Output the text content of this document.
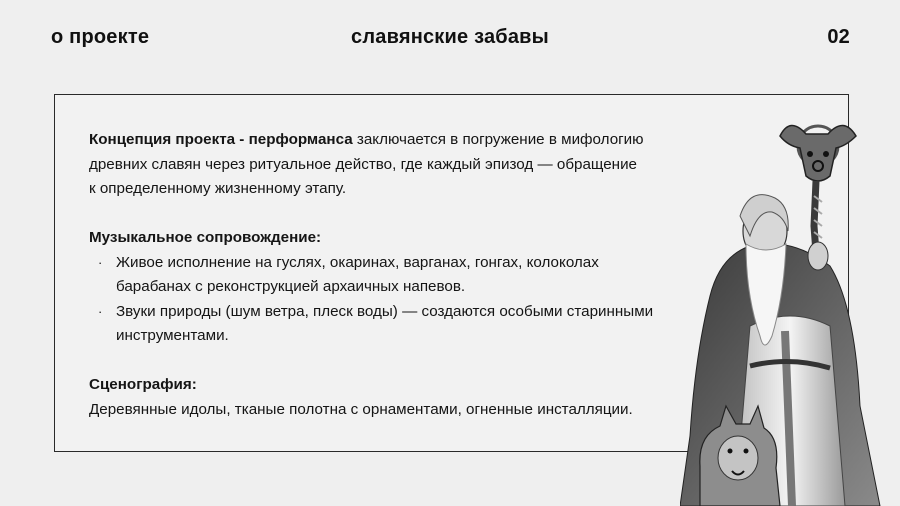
о проекте	славянские забавы	02
Концепция проекта - перформанса заключается в погружение в мифологию
древних славян через ритуальное действо, где каждый эпизод — обращение
к определенному жизненному этапу.
Музыкальное сопровождение:
· Живое исполнение на гуслях, окаринах, варганах, гонгах, колоколах
барабанах с реконструкцией архаичных напевов.
· Звуки природы (шум ветра, плеск воды) — создаются особыми старинными
инструментами.
Сценография:
Деревянные идолы, тканые полотна с орнаментами, огненные инсталляции.
